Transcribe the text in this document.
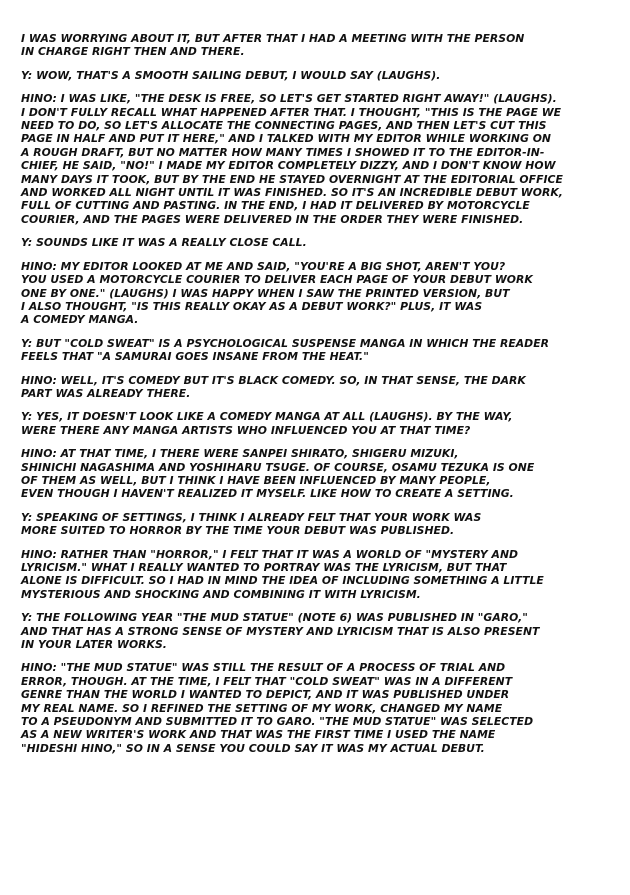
I WAS WORRYING ABOUT IT, BUT AFTER THAT I HAD A MEETING WITH THE PERSON
IN CHARGE RIGHT THEN AND THERE.

Y: WOW, THAT'S A SMOOTH SAILING DEBUT, I WOULD SAY (LAUGHS).

HINO: I WAS LIKE, "THE DESK IS FREE, SO LET'S GET STARTED RIGHT AWAY!" (LAUGHS).
I DON'T FULLY RECALL WHAT HAPPENED AFTER THAT. I THOUGHT, "THIS IS THE PAGE WE
NEED TO DO, SO LET'S ALLOCATE THE CONNECTING PAGES, AND THEN LET'S CUT THIS
PAGE IN HALF AND PUT IT HERE," AND I TALKED WITH MY EDITOR WHILE WORKING ON
A ROUGH DRAFT, BUT NO MATTER HOW MANY TIMES I SHOWED IT TO THE EDITOR-IN-
CHIEF, HE SAID, "NO!" I MADE MY EDITOR COMPLETELY DIZZY, AND I DON'T KNOW HOW
MANY DAYS IT TOOK, BUT BY THE END HE STAYED OVERNIGHT AT THE EDITORIAL OFFICE
AND WORKED ALL NIGHT UNTIL IT WAS FINISHED. SO IT'S AN INCREDIBLE DEBUT WORK,
FULL OF CUTTING AND PASTING. IN THE END, I HAD IT DELIVERED BY MOTORCYCLE
COURIER, AND THE PAGES WERE DELIVERED IN THE ORDER THEY WERE FINISHED.

Y: SOUNDS LIKE IT WAS A REALLY CLOSE CALL.

HINO: MY EDITOR LOOKED AT ME AND SAID, "YOU'RE A BIG SHOT, AREN'T YOU?
YOU USED A MOTORCYCLE COURIER TO DELIVER EACH PAGE OF YOUR DEBUT WORK
ONE BY ONE." (LAUGHS) I WAS HAPPY WHEN I SAW THE PRINTED VERSION, BUT
I ALSO THOUGHT, "IS THIS REALLY OKAY AS A DEBUT WORK?" PLUS, IT WAS
A COMEDY MANGA.

Y: BUT "COLD SWEAT" IS A PSYCHOLOGICAL SUSPENSE MANGA IN WHICH THE READER
FEELS THAT "A SAMURAI GOES INSANE FROM THE HEAT."

HINO: WELL, IT'S COMEDY BUT IT'S BLACK COMEDY. SO, IN THAT SENSE, THE DARK
PART WAS ALREADY THERE.

Y: YES, IT DOESN'T LOOK LIKE A COMEDY MANGA AT ALL (LAUGHS). BY THE WAY,
WERE THERE ANY MANGA ARTISTS WHO INFLUENCED YOU AT THAT TIME?

HINO: AT THAT TIME, I THERE WERE SANPEI SHIRATO, SHIGERU MIZUKI,
SHINICHI NAGASHIMA AND YOSHIHARU TSUGE. OF COURSE, OSAMU TEZUKA IS ONE
OF THEM AS WELL, BUT I THINK I HAVE BEEN INFLUENCED BY MANY PEOPLE,
EVEN THOUGH I HAVEN'T REALIZED IT MYSELF. LIKE HOW TO CREATE A SETTING.

Y: SPEAKING OF SETTINGS, I THINK I ALREADY FELT THAT YOUR WORK WAS
MORE SUITED TO HORROR BY THE TIME YOUR DEBUT WAS PUBLISHED.

HINO: RATHER THAN "HORROR," I FELT THAT IT WAS A WORLD OF "MYSTERY AND
LYRICISM." WHAT I REALLY WANTED TO PORTRAY WAS THE LYRICISM, BUT THAT
ALONE IS DIFFICULT. SO I HAD IN MIND THE IDEA OF INCLUDING SOMETHING A LITTLE
MYSTERIOUS AND SHOCKING AND COMBINING IT WITH LYRICISM.

Y: THE FOLLOWING YEAR "THE MUD STATUE" (NOTE 6) WAS PUBLISHED IN "GARO,"
AND THAT HAS A STRONG SENSE OF MYSTERY AND LYRICISM THAT IS ALSO PRESENT
IN YOUR LATER WORKS.

HINO: "THE MUD STATUE" WAS STILL THE RESULT OF A PROCESS OF TRIAL AND
ERROR, THOUGH. AT THE TIME, I FELT THAT "COLD SWEAT" WAS IN A DIFFERENT
GENRE THAN THE WORLD I WANTED TO DEPICT, AND IT WAS PUBLISHED UNDER
MY REAL NAME. SO I REFINED THE SETTING OF MY WORK, CHANGED MY NAME
TO A PSEUDONYM AND SUBMITTED IT TO GARO. "THE MUD STATUE" WAS SELECTED
AS A NEW WRITER'S WORK AND THAT WAS THE FIRST TIME I USED THE NAME
"HIDESHI HINO," SO IN A SENSE YOU COULD SAY IT WAS MY ACTUAL DEBUT.
